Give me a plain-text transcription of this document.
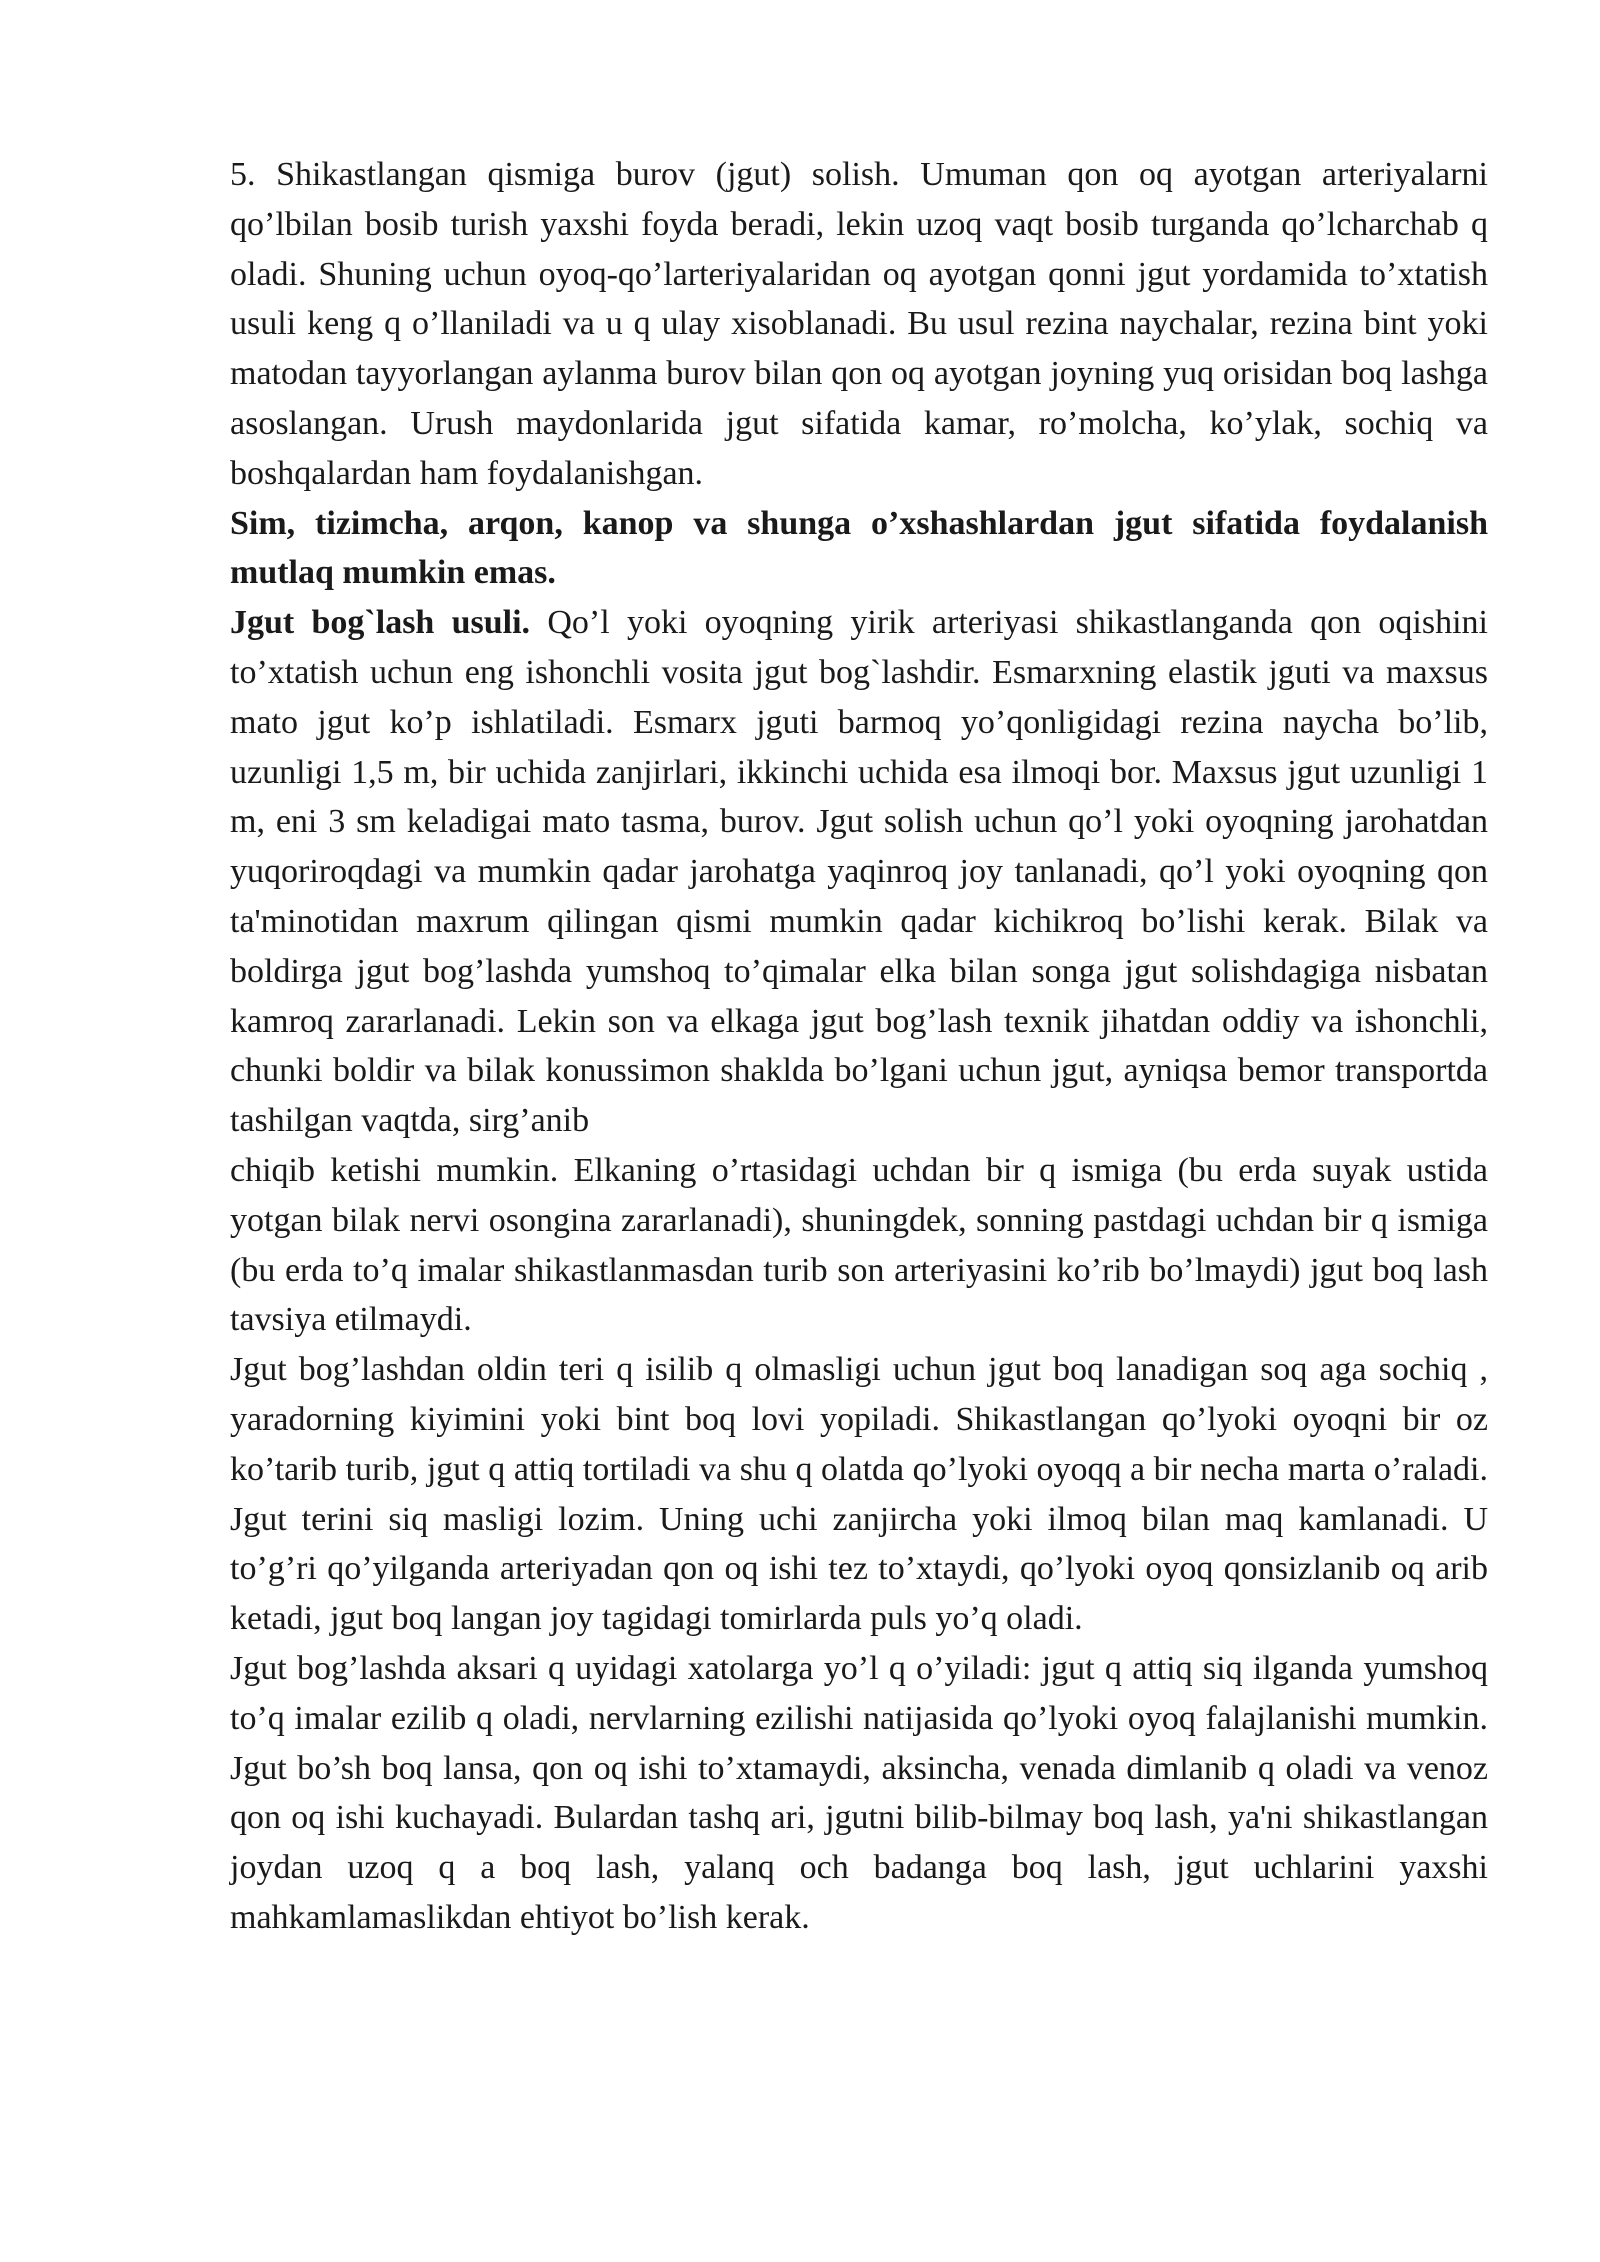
5. Shikastlangan qismiga burov (jgut) solish. Umuman qon oq ayotgan arteriyalarni qo’lbilan bosib turish yaxshi foyda beradi, lekin uzoq vaqt bosib turganda qo’lcharchab q oladi. Shuning uchun oyoq-qo’larteriyalaridan oq ayotgan qonni jgut yordamida to’xtatish usuli keng q o’llaniladi va u q ulay xisoblanadi. Bu usul rezina naychalar, rezina bint yoki matodan tayyorlangan aylanma burov bilan qon oq ayotgan joyning yuq orisidan boq lashga asoslangan. Urush maydonlarida jgut sifatida kamar, ro’molcha, ko’ylak, sochiq va boshqalardan ham foydalanishgan.

Sim, tizimcha, arqon, kanop va shunga o’xshashlardan jgut sifatida foydalanish mutlaq mumkin emas.

Jgut bog`lash usuli. Qo’l yoki oyoqning yirik arteriyasi shikastlanganda qon oqishini to’xtatish uchun eng ishonchli vosita jgut bog`lashdir. Esmarxning elastik jguti va maxsus mato jgut ko’p ishlatiladi. Esmarx jguti barmoq yo’qonligidagi rezina naycha bo’lib, uzunligi 1,5 m, bir uchida zanjirlari, ikkinchi uchida esa ilmoqi bor. Maxsus jgut uzunligi 1 m, eni 3 sm keladigai mato tasma, burov. Jgut solish uchun qo’l yoki oyoqning jarohatdan yuqoriroqdagi va mumkin qadar jarohatga yaqinroq joy tanlanadi, qo’l yoki oyoqning qon ta'minotidan maxrum qilingan qismi mumkin qadar kichikroq bo’lishi kerak. Bilak va boldirga jgut bog’lashda yumshoq to’qimalar elka bilan songa jgut solishdagiga nisbatan kamroq zararlanadi. Lekin son va elkaga jgut bog’lash texnik jihatdan oddiy va ishonchli, chunki boldir va bilak konussimon shaklda bo’lgani uchun jgut, ayniqsa bemor transportda tashilgan vaqtda, sirg’anib

chiqib ketishi mumkin. Elkaning o’rtasidagi uchdan bir q ismiga (bu erda suyak ustida yotgan bilak nervi osongina zararlanadi), shuningdek, sonning pastdagi uchdan bir q ismiga (bu erda to’q imalar shikastlanmasdan turib son arteriyasini ko’rib bo’lmaydi) jgut boq lash tavsiya etilmaydi.

Jgut bog’lashdan oldin teri q isilib q olmasligi uchun jgut boq lanadigan soq aga sochiq , yaradorning kiyimini yoki bint boq lovi yopiladi. Shikastlangan qo’lyoki oyoqni bir oz ko’tarib turib, jgut q attiq tortiladi va shu q olatda qo’lyoki oyoqq a bir necha marta o’raladi. Jgut terini siq masligi lozim. Uning uchi zanjircha yoki ilmoq bilan maq kamlanadi. U to’g’ri qo’yilganda arteriyadan qon oq ishi tez to’xtaydi, qo’lyoki oyoq qonsizlanib oq arib ketadi, jgut boq langan joy tagidagi tomirlarda puls yo’q oladi.

Jgut bog’lashda aksari q uyidagi xatolarga yo’l q o’yiladi: jgut q attiq siq ilganda yumshoq to’q imalar ezilib q oladi, nervlarning ezilishi natijasida qo’lyoki oyoq falajlanishi mumkin. Jgut bo’sh boq lansa, qon oq ishi to’xtamaydi, aksincha, venada dimlanib q oladi va venoz qon oq ishi kuchayadi. Bulardan tashq ari, jgutni bilib-bilmay boq lash, ya'ni shikastlangan joydan uzoq q a boq lash, yalanq och badanga boq lash, jgut uchlarini yaxshi mahkamlamaslikdan ehtiyot bo’lish kerak.
